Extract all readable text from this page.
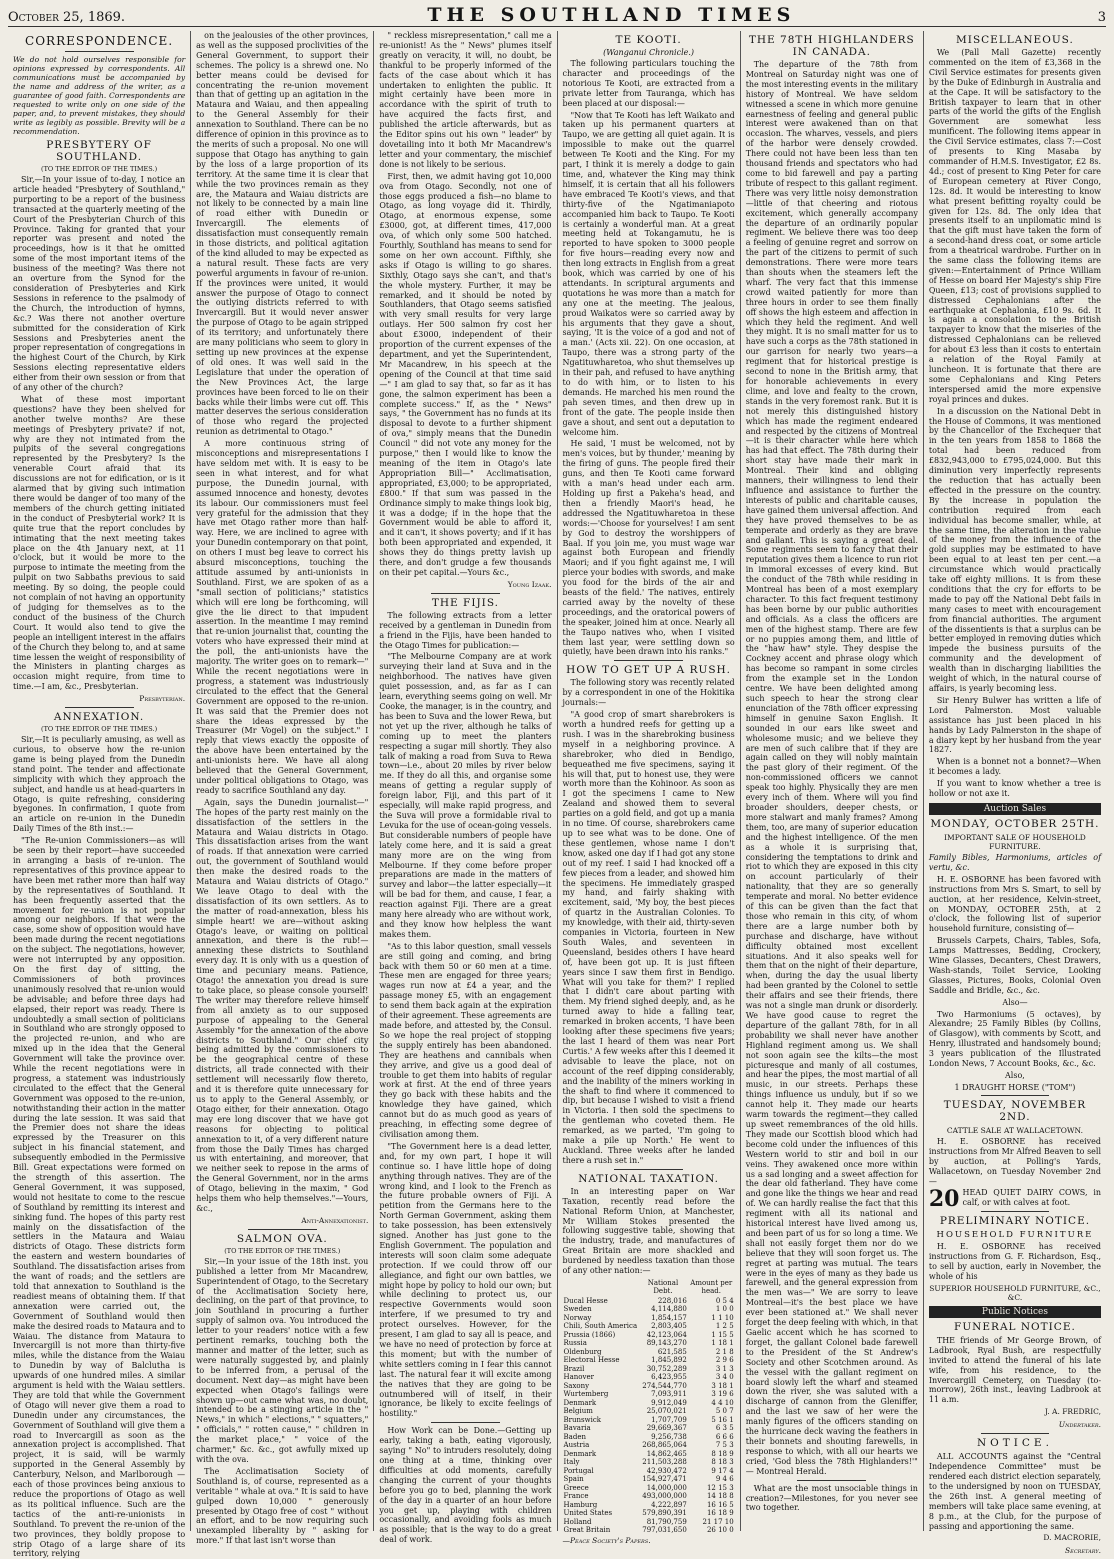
October 25, 1869.	THE SOUTHLAND TIMES	3
CORRESPONDENCE.
We do not hold ourselves responsible for opinions expressed by correspondents. All communications must be accompanied by the name and address of the writer, as a guarantee of good faith. Correspondents are requested to write only on one side of the paper, and, to prevent mistakes, they should write as legibly as possible. Brevity will be a recommendation.
PRESBYTERY OF SOUTHLAND.
(TO THE EDITOR OF THE TIMES.)

Sir,—In your issue of to-day, I notice an article headed "Presbytery of Southland," purporting to be a report of the business transacted at the quarterly meeting of the Court of the Presbyterian Church of this Province. Taking for granted that your reporter was present and noted the proceedings, how is it that he omitted some of the most important items of the business of the meeting? Was there not an overture from the Synod for the consideration of Presbyteries and Kirk Sessions in reference to the psalmody of the Church, the introduction of hymns, &c.? Was there not another overture submitted for the consideration of Kirk Sessions and Presbyteries anent the proper representation of congregations in the highest Court of the Church, by Kirk Sessions electing representative elders either from their own session or from that of any other of the church?

What of these most important questions? have they been shelved for another twelve months? Are these meetings of Presbytery private? if not, why are they not intimated from the pulpits of the several congregations represented by the Presbytery? Is the venerable Court afraid that its discussions are not for edification, or is it alarmed that by giving such intimation there would be danger of too many of the members of the church getting initiated in the conduct of Presbyterial work? It is quite true that the report concludes by intimating that the next meeting takes place on the 4th January next, at 11 o'clock, but it would be more to the purpose to intimate the meeting from the pulpit on two Sabbaths previous to said meeting. By so doing, the people could not complain of not having an opportunity of judging for themselves as to the conduct of the business of the Church Court. It would also tend to give the people an intelligent interest in the affairs of the Church they belong to, and at same time lessen the weight of responsibility of the Ministers in planting charges as occasion might require, from time to time.—I am, &c., Presbyterian.

Presbyterian.
ANNEXATION.
(TO THE EDITOR OF THE TIMES.)

Sir,—It is peculiarly amusing, as well as curious, to observe how the re-union game is being played from the Dunedin stand point. The tender and affectionate simplicity with which they approach the subject, and handle us at head-quarters in Otago, is quite refreshing, considering byegones. In confirmation, I quote from an article on re-union in the Dunedin Daily Times of the 8th inst.:—

"The Re-union Commissioners—as will be seen by their report—have succeeded in arranging a basis of re-union. The representatives of this province appear to have been met rather more than half way by the representatives of Southland. It has been frequently asserted that the movement for re-union is not popular among our neighbors. If that were the case, some show of opposition would have been made during the recent negotiations on the subject. The negotiations, however, were not interrupted by any opposition. On the first day of sitting, the Commissioners of both provinces unanimously resolved that re-union would be advisable; and before three days had elapsed, their report was ready. There is undoubtedly a small section of politicians in Southland who are strongly opposed to the projected re-union, and who are mixed up in the idea that the General Government will take the province over. While the recent negotiations were in progress, a statement was industriously circulated to the effect that the General Government was opposed to the re-union, notwithstanding their action in the matter during the late session. It was said that the Premier does not share the ideas expressed by the Treasurer on this subject in his financial statement, and subsequently embodied in the Permissive Bill. Great expectations were formed on the strength of this assertion. The General Government, it was supposed, would not hesitate to come to the rescue of Southland by remitting its interest and sinking fund. The hopes of this party rest mainly on the dissatisfaction of the settlers in the Mataura and Waiau districts of Otago. These districts form the eastern and western boundaries of Southland. The dissatisfaction arises from the want of roads; and the settlers are told that annexation to Southland is the readiest means of obtaining them. If that annexation were carried out, the Government of Southland would then make the desired roads to Mataura and to Waiau. The distance from Mataura to Invercargill is not more than thirty-five miles, while the distance from the Waiau to Dunedin by way of Balclutha is upwards of one hundred miles. A similar argument is held with the Waiau settlers. They are told that while the Government of Otago will never give them a road to Dunedin under any circumstances, the Government of Southland will give them a road to Invercargill as soon as the annexation project is accomplished. That project, it is said, will be warmly supported in the General Assembly by Canterbury, Nelson, and Marlborough — each of those provinces being anxious to reduce the proportions of Otago as well as its political influence. Such are the tactics of the anti-re-unionists in Southland. To prevent the re-union of the two provinces, they boldly propose to strip Otago of a large share of its territory, relying

on the jealousies of the other provinces, as well as the supposed proclivities of the General Government, to support their schemes. The policy is a shrewd one. No better means could be devised for concentrating the re-union movement than that of getting up an agitation in the Mataura and Waiau, and then appealing to the General Assembly for their annexation to Southland. There can be no difference of opinion in this province as to the merits of such a proposal. No one will suppose that Otago has anything to gain by the loss of a large proportion of its territory. At the same time it is clear that while the two provinces remain as they are, the Mataura and Waiau districts are not likely to be connected by a main line of road either with Dunedin or Invercargill. The elements of dissatisfaction must consequently remain in those districts, and political agitation of the kind alluded to may be expected as a natural result. These facts are very powerful arguments in favour of re-union. If the provinces were united, it would answer the purpose of Otago to connect the outlying districts referred to with Invercargill. But it would never answer the purpose of Otago to be again stripped of its territory; and unfortunately there are many politicians who seem to glory in setting up new provinces at the expense of old ones. It was well said in the Legislature that under the operation of the New Provinces Act, the large provinces have been forced to lie on their backs while their limbs were cut off. This matter deserves the serious consideration of those who regard the projected reunion as detrimental to Otago."

A more continuous string of misconceptions and misrepresentations I have seldom met with. It is easy to be seen in what interest, and for what purpose, the Dunedin journal, with assumed innocence and honesty, devotes its labour. Our commissioners must feel very grateful for the admission that they have met Otago rather more than half-way. Here, we are inclined to agree with your Dunedin contemporary on that point, on others I must beg leave to correct his absurd misconceptions, touching the attitude assumed by anti-unionists in Southland. First, we are spoken of as a "small section of politicians;" statistics which will ere long be forthcoming, will give the lie direct to that impudent assertion. In the meantime I may remind that re-union journalist that, counting the voters who have expressed their mind at the poll, the anti-unionists have the majority. The writer goes on to remark—" While the recent negotiations were in progress, a statement was industriously circulated to the effect that the General Government are opposed to the re-union. It was said that the Premier does not share the ideas expressed by the Treasurer (Mr Vogel) on the subject." I reply that views exactly the opposite of the above have been entertained by the anti-unionists here. We have all along believed that the General Government, under political obligations to Otago, was ready to sacrifice Southland any day.

Again, says the Dunedin journalist—" The hopes of the party rest mainly on the dissatisfaction of the settlers in the Mataura and Waiau districts in Otago. This dissatisfaction arises from the want of roads. If that annexation were carried out, the government of Southland would then make the desired roads to the Mataura and Waiau districts of Otago." We leave Otago to deal with the dissatisfaction of its own settlers. As to the matter of road-annexation, bless his simple heart! we are—without asking Otago's leave, or waiting on political annexation, and there is the rub!—annexing these districts to Southland every day. It is only with us a question of time and pecuniary means. Patience, Otago! the annexation you dread is sure to take place, so please console yourself! The writer may therefore relieve himself from all anxiety as to our supposed purpose of appealing to the General Assembly "for the annexation of the above districts to Southland." Our chief city being admitted by the commissioners to be the geographical centre of these districts, all trade connected with their settlement will necessarily flow thereto, and it is therefore quite unnecessary for us to apply to the General Assembly, or Otago either, for their annexation. Otago may ere long discover that we have got reasons for objecting to political annexation to it, of a very different nature from those the Daily Times has charged us with entertaining, and moreover, that we neither seek to repose in the arms of the General Government, nor in the arms of Otago, believing in the maxim, " God helps them who help themselves."—Yours, &c.,

Anti-Annexationist.
SALMON OVA.
(TO THE EDITOR OF THE TIMES.)

Sir,—In your issue of the 18th inst. you published a letter from Mr Macandrew, Superintendent of Otago, to the Secretary of the Acclimatisation Society here, declining, on the part of that province, to join Southland in procuring a further supply of salmon ova. You introduced the letter to your readers' notice with a few pertinent remarks, touching both the manner and matter of the letter, such as were naturally suggested by, and plainly to be inferred from, a perusal of the document. Next day—as might have been expected when Otago's failings were shown up—out came what was, no doubt, intended to be a stinging article in the " News," in which " elections," " squatters," " officials," " rotten cause," " children in the market place," " voice of the charmer," &c. &c., got awfully mixed up with the ova.

The Acclimatisation Society of Southland is, of course, represented as a veritable " whale at ova." It is said to have gulped down 10,000 " generously presented by Otago free of cost " without an effort, and to be now requiring such unexampled liberality by " asking for more." If that last isn't worse than

" reckless misrepresentation," call me a re-unionist! As the " News" plumes itself greatly on veracity, it will, no doubt, be thankful to be properly informed of the facts of the case about which it has undertaken to enlighten the public. It might certainly have been more in accordance with the spirit of truth to have acquired the facts first, and published the article afterwards, but as the Editor spins out his own " leader" by dovetailing into it both Mr Macandrew's letter and your commentary, the mischief done is not likely to be serious.

First, then, we admit having got 10,000 ova from Otago. Secondly, not one of those eggs produced a fish—no blame to Otago, as long voyage did it. Thirdly, Otago, at enormous expense, some £3000, got, at different times, 417,000 ova, of which only some 500 hatched. Fourthly, Southland has means to send for some on her own account. Fifthly, she asks if Otago is willing to go shares. Sixthly, Otago says she can't, and that's the whole mystery. Further, it may be remarked, and it should be noted by Southlanders, that Otago seems satisfied with very small results for very large outlays. Her 500 salmon fry cost her about £3000, independent of their proportion of the current expenses of the department, and yet the Superintendent, Mr Macandrew, in his speech at the opening of the Council at that time said—" I am glad to say that, so far as it has gone, the salmon experiment has been a complete success." If, as the " News" says, " the Government has no funds at its disposal to devote to a further shipment of ova," simply means that the Dunedin Council " did not vote any money for the purpose," then I would like to know the meaning of the item in Otago's late Appropriation Bill—" Acclimatisation, appropriated, £3,000; to be appropriated, £800." If that sum was passed in the Ordinance simply to make things look big, it was a dodge; if in the hope that the Government would be able to afford it, and it can't, it shows poverty; and if it has both been appropriated and expended, it shows they do things pretty lavish up there, and don't grudge a few thousands on their pet capital.—Yours &c.,

Young Izaak.
THE FIJIS.

The following extracts from a letter received by a gentleman in Dunedin from a friend in the Fijis, have been handed to the Otago Times for publication:—

"The Melbourne Company are at work surveying their land at Suva and in the neighborhood. The natives have given quiet possession, and, as far as I can learn, everything seems going on well. Mr Cooke, the manager, is in the country, and has been to Suva and the lower Rewa, but not yet up the river, although he talks of coming up to meet the planters respecting a sugar mill shortly. They also talk of making a road from Suva to Rewa town—i.e., about 20 miles by river below me. If they do all this, and organise some means of getting a regular supply of foreign labor, Fiji, and this part of it especially, will make rapid progress, and the Suva will prove a formidable rival to Levuka for the use of ocean-going vessels. But considerable numbers of people have lately come here, and it is said a great many more are on the wing from Melbourne. If they come before proper preparations are made in the matters of survey and labor—the latter especially—it will be bad for them, and cause, I fear, a reaction against Fiji. There are a great many here already who are without work, and they know how helpless the want makes them.

"As to this labor question, small vessels are still going and coming, and bring back with them 50 or 60 men at a time. These men are engaged for three years; wages run now at £4 a year, and the passage money £5, with an engagement to send them back again at the expiration of their agreement. These agreements are made before, and attested by, the Consul. So we hope the real project of stopping the supply entirely has been abandoned. They are heathens and cannibals when they arrive, and give us a good deal of trouble to get them into habits of regular work at first. At the end of three years they go back with these habits and the knowledge they have gained, which cannot but do as much good as years of preaching, in effecting some degree of civilisation among them.

"The Government here is a dead letter, and, for my own part, I hope it will continue so. I have little hope of doing anything through natives. They are of the wrong kind, and I look to the French as the future probable owners of Fiji. A petition from the Germans here to the North German Government, asking them to take possession, has been extensively signed. Another has just gone to the English Government. The population and interests will soon claim some adequate protection. If we could throw off our allegiance, and fight our own battles, we might hope by policy to hold our own; but while declining to protect us, our respective Governments would soon interfere, if we presumed to try and protect ourselves. However, for the present, I am glad to say all is peace, and we have no need of protection by force at this moment; but with the number of white settlers coming in I fear this cannot last. The natural fear it will excite among the natives that they are going to be outnumbered will of itself, in their ignorance, be likely to excite feelings of hostility."

How Work can be Done.—Getting up early, taking a bath, eating vigorously, saying " No" to intruders resolutely, doing one thing at a time, thinking over difficulties at odd moments, carefully changing the current of your thoughts before you go to bed, planning the work of the day in a quarter of an hour before you get up, playing with children occasionally, and avoiding fools as much as possible; that is the way to do a great deal of work.

TE KOOTI.
(Wanganui Chronicle.)

The following particulars touching the character and proceedings of the notorious Te Kooti, are extracted from a private letter from Tauranga, which has been placed at our disposal:—

"Now that Te Kooti has left Waikato and taken up his permanent quarters at Taupo, we are getting all quiet again. It is impossible to make out the quarrel between Te Kooti and the King. For my part, I think it is merely a dodge to gain time, and, whatever the King may think himself, it is certain that all his followers have embraced Te Kooti's views, and that thirty-five of the Ngatimaniapoto accompanied him back to Taupo. Te Kooti is certainly a wonderful man. At a great meeting held at Tokangamutu, he is reported to have spoken to 3000 people for five hours—reading every now and then long extracts in English from a great book, which was carried by one of his attendants. In scriptural arguments and quotations he was more than a match for any one at the meeting. The jealous, proud Waikatos were so carried away by his arguments that they gave a shout, saying, 'It is the voice of a god and not of a man.' (Acts xii. 22). On one occasion, at Taupo, there was a strong party of the Ngatituwharetoa, who shut themselves up in their pah, and refused to have anything to do with him, or to listen to his demands. He marched his men round the pah seven times, and then drew up in front of the gate. The people inside then gave a shout, and sent out a deputation to welcome him.

He said, 'I must be welcomed, not by men's voices, but by thunder,' meaning by the firing of guns. The people fired their guns, and then Te Kooti came forward with a man's head under each arm. Holding up first a Pakeha's head, and then a friendly Maori's head, he addressed the Ngatituwharetoa in these words:—'Choose for yourselves! I am sent by God to destroy the worshippers of Baal. If you join me, you must wage war against both European and friendly Maori; and if you fight against me, I will pierce your bodies with swords, and make you food for the birds of the air and beasts of the field.' The natives, entirely carried away by the novelty of these proceedings, and the oratorical powers of the speaker, joined him at once. Nearly all the Taupo natives who, when I visited them last year, were settling down so quietly, have been drawn into his ranks."

HOW TO GET UP A RUSH.

The following story was recently related by a correspondent in one of the Hokitika journals:—

"A good crop of smart sharebrokers is worth a hundred reefs for getting up a rush. I was in the sharebroking business myself in a neighboring province. A sharebroker, who died in Bendigo, bequeathed me five specimens, saying it his will that, put to honest use, they were worth more than the Kohinoor. As soon as I got the specimens I came to New Zealand and showed them to several parties on a gold field, and got up a mania in no time. Of course, sharebrokers came up to see what was to be done. One of these gentlemen, whose name I don't know, asked one day if I had got any stone out of my reef. I said I had knocked off a few pieces from a leader, and showed him the specimens. He immediately grasped my hand, and fairly shaking with excitement, said, 'My boy, the best pieces of quartz in the Australian Colonies. To my knowledge, with their aid, thirty-seven companies in Victoria, fourteen in New South Wales, and seventeen in Queensland, besides others I have heard of, have been got up. It is just fifteen years since I saw them first in Bendigo. What will you take for them?' I replied that I didn't care about parting with them. My friend sighed deeply, and, as he turned away to hide a falling tear, remarked in broken accents, 'I have been looking after these specimens five years; the last I heard of them was near Port Curtis.' A few weeks after this I deemed it advisable to leave the place, not on account of the reef dipping considerably, and the inability of the miners working in the shaft to find where it commenced to dip, but because I wished to visit a friend in Victoria. I then sold the specimens to the gentleman who coveted them. He remarked, as we parted, 'I'm going to make a pile up North.' He went to Auckland. Three weeks after he landed there a rush set in."

NATIONAL TAXATION.

In an interesting paper on War Taxation, recently read before the National Reform Union, at Manchester, Mr William Stokes presented the following suggestive table, showing that the industry, trade, and manufactures of Great Britain are more shackled and burdened by needless taxation than those of any other nation:—

	National Debt.	Amount per head.
Ducal Hesse	228,016	0 5 4
Sweden	4,114,880	1 0 0
Norway	1,854,157	1 1 10
Chili, South America	2,803,405	1 2 5
Prussia (1866)	42,123,064	1 15 5
Russia	89,143,270	1 18 1
Oldenburg	621,585	2 1 8
Electoral Hesse	1,845,892	2 9 6
Brazil	30,752,289	3 1 3
Hanover	6,423,955	3 4 0
Saxony	274,544,770	3 18 1
Wurtemberg	7,093,911	3 19 6
Denmark	9,912,049	4 4 10
Belgium	25,070,021	5 0 7
Brunswick	1,707,709	5 16 1
Bavaria	29,669,367	6 3 5
Baden	9,256,738	6 6 6
Austria	268,865,064	7 5 3
Denmark	14,862,465	8 18 9
Italy	211,503,288	8 18 3
Portugal	42,930,472	9 17 4
Spain	154,927,471	9 4 6
Greece	14,000,000	12 15 3
France	493,000,000	14 18 8
Hamburg	4,222,897	16 16 5
United States	579,890,391	16 18 9
Holland	81,790,759	21 17 10
Great Britain	797,031,650	26 10 0
—Peace Society's Papers.
THE 78TH HIGHLANDERS IN CANADA.

The departure of the 78th from Montreal on Saturday night was one of the most interesting events in the military history of Montreal. We have seldom witnessed a scene in which more genuine earnestness of feeling and general public interest were awakened than on that occasion. The wharves, vessels, and piers of the harbor were densely crowded. There could not have been less than ten thousand friends and spectators who had come to bid farewell and pay a parting tribute of respect to this gallant regiment. There was very little noisy demonstration—little of that cheering and riotous excitement, which generally accompany the departure of an ordinarily popular regiment. We believe there was too deep a feeling of genuine regret and sorrow on the part of the citizens to permit of such demonstrations. There were more tears than shouts when the steamers left the wharf. The very fact that this immense crowd waited patiently for more than three hours in order to see them finally off shows the high esteem and affection in which they held the regiment. And well they might. It is no small matter for us to have such a corps as the 78th stationed in our garrison for nearly two years—a regiment that for historical prestige is second to none in the British army, that for honorable achievements in every clime, and love and fealty to the crown, stands in the very foremost rank. But it is not merely this distinguished history which has made the regiment endeared and respected by the citizens of Montreal—it is their character while here which has had that effect. The 78th during their short stay have made their mark in Montreal. Their kind and obliging manners, their willingness to lend their influence and assistance to further the interests of public and charitable causes, have gained them universal affection. And they have proved themselves to be as temperate and orderly as they are brave and gallant. This is saying a great deal. Some regiments seem to fancy that their reputation gives them a licence to run riot in immoral excesses of every kind. But the conduct of the 78th while residing in Montreal has been of a most exemplary character. To this fact frequent testimony has been borne by our public authorities and officials. As a class the officers are men of the highest stamp. There are few or no puppies among them, and little of the "haw haw" style. They despise the Cockney accent and phrase ology which has become so rampant in some circles from the example set in the London centre. We have been delighted among such speech to hear the strong clear enunciation of the 78th officer expressing himself in genuine Saxon English. It sounded in our ears like sweet and wholesome music; and we believe they are men of such calibre that if they are again called on they will nobly maintain the past glory of their regiment. Of the non-commissioned officers we cannot speak too highly. Physically they are men every inch of them. Where will you find broader shoulders, deeper chests, or more stalwart and manly frames? Among them, too, are many of superior education and the highest intelligence. Of the men as a whole it is surprising that, considering the temptations to drink and riot to which they are exposed in this city on account particularly of their nationality, that they are so generally temperate and moral. No better evidence of this can be given than the fact that those who remain in this city, of whom there are a large number both by purchase and discharge, have without difficulty obtained most excellent situations. And it also speaks well for them that on the night of their departure, when, during the day the usual liberty had been granted by the Colonel to settle their affairs and see their friends, there was not a single man drunk or disorderly. We have good cause to regret the departure of the gallant 78th, for in all probability we shall never have another Highland regiment among us. We shall not soon again see the kilts—the most picturesque and manly of all costumes, and hear the pipes, the most martial of all music, in our streets. Perhaps these things influence us unduly, but if so we cannot help it. They made our hearts warm towards the regiment—they called up sweet remembrances of the old hills. They made our Scottish blood which had become cold under the influences of this Western world to stir and boil in our veins. They awakened once more within us a sad longing and a sweet affection for the dear old fatherland. They have come and gone like the things we hear and read of. We can hardly realise the fact that this regiment with all its national and historical interest have lived among us, and been part of us for so long a time. We shall not easily forget them nor do we believe that they will soon forget us. The regret at parting was mutual. The tears were in the eyes of many as they bade us farewell, and the general expression from the men was—" We are sorry to leave Montreal—it's the best place we have ever been stationed at." We shall never forget the deep feeling with which, in that Gaelic accent which he has scorned to forget, the gallant Colonel bade farewell to the President of the St Andrew's Society and other Scotchmen around. As the vessel with the gallant regiment on board slowly left the wharf and steamed down the river, she was saluted with a discharge of cannon from the Gleniffer, and the last we saw of her were the manly figures of the officers standing on the hurricane deck waving the feathers in their bonnets and shouting farewells, in response to which, with all our hearts we cried, 'God bless the 78th Highlanders!'" — Montreal Herald.

What are the most unsociable things in creation?—Milestones, for you never see two together.

MISCELLANEOUS.

We (Pall Mall Gazette) recently commented on the item of £3,368 in the Civil Service estimates for presents given by the Duke of Edinburgh in Australia and at the Cape. It will be satisfactory to the British taxpayer to learn that in other parts of the world the gifts of the English Government are somewhat less munificent. The following items appear in the Civil Service estimates, class 7:—Cost of presents to King Masaba by commander of H.M.S. Investigator, £2 8s. 4d.; cost of present to King Peter for care of European cemetery at River Congo, 12s. 8d. It would be interesting to know what present befitting royalty could be given for 12s. 8d. The only idea that presents itself to an unpilomatic mind is that the gift must have taken the form of a second-hand dress coat, or some article from a theatrical wardrobe. Further on in the same class the following items are given:—Entertainment of Prince William of Hesse on board Her Majesty's ship Fire Queen, £13; cost of provisions supplied to distressed Cephalonians after the earthquake at Cephalonia, £10 9s. 6d. It is again a consolation to the British taxpayer to know that the miseries of the distressed Cephalonians can be relieved for about £3 less than it costs to entertain a relation of the Royal Family at luncheon. It is fortunate that there are some Cephalonians and King Peters interspersed amid the more expensive royal princes and dukes.

In a discussion on the National Debt in the House of Commons, it was mentioned by the Chancellor of the Exchequer that in the ten years from 1858 to 1868 the total had been reduced from £832,943,000 to £795,024,000. But this diminution very imperfectly represents the reduction that has actually been effected in the pressure on the country. By the increase in population the contribution required from each individual has become smaller, while, at the same time, the alteration in the value of the money from the influence of the gold supplies may be estimated to have been equal to at least ten per cent.—a circumstance which would practically take off eighty millions. It is from these conditions that the cry for efforts to be made to pay off the National Debt fails in many cases to meet with encouragement from financial authorities. The argument of the dissentients is that a surplus can be better employed in removing duties which impede the business pursuits of the community and the development of wealth than in discharging liabilities the weight of which, in the natural course of affairs, is yearly becoming less.

Sir Henry Bulwer has written a life of Lord Palmerston. Most valuable assistance has just been placed in his hands by Lady Palmerston in the shape of a diary kept by her husband from the year 1827.

When is a bonnet not a bonnet?—When it becomes a lady.

If you want to know whether a tree is hollow or not axe it.

Auction Sales
MONDAY, OCTOBER 25TH.
IMPORTANT SALE OF HOUSEHOLD FURNITURE.

Family Bibles, Harmoniums, articles of vertu, &c.

H. E. OSBORNE has been favored with instructions from Mrs S. Smart, to sell by auction, at her residence, Kelvin-street, on MONDAY, OCTOBER 25th, at 2 o'clock, the following list of superior household furniture, consisting of—

Brussels Carpets, Chairs, Tables, Sofa, Lamps Mattresses, Bedding, Crockery, Wine Glasses, Decanters, Chest Drawers, Wash-stands, Toilet Service, Looking Glasses, Pictures, Books, Colonial Oven Saddle and Bridle, &c., &c.

Also—

Two Harmoniums (5 octaves), by Alexandre; 25 Family Bibles (by Collins, of Glasgow), with comments by Scott, and Henry, illustrated and handsomely bound; 3 years publication of the Illustrated London News, 7 Account Books, &c., &c.

Also,

1 DRAUGHT HORSE ("TOM")
TUESDAY, NOVEMBER 2ND.
CATTLE SALE AT WALLACETOWN.

H. E. OSBORNE has received instructions from Mr Alfred Beaven to sell by auction, at Polling's Yards, Wallacetown, on Tuesday November 2nd—

20 HEAD QUIET DAIRY COWS, in calf, or with calves at foot.

PRELIMINARY NOTICE.
HOUSEHOLD FURNITURE

H. E. OSBORNE has received instructions from G. F. Richardson, Esq., to sell by auction, early in November, the whole of his

SUPERIOR HOUSEHOLD FURNITURE, &C., &C.
Public Notices
FUNERAL NOTICE.

THE friends of Mr George Brown, of Ladbrook, Ryal Bush, are respectfully invited to attend the funeral of his late wife, from his residence, to the Invercargill Cemetery, on Tuesday (to-morrow), 26th inst., leaving Ladbrook at 11 a.m.

J. A. FREDRIC,
Undertaker.
NOTICE.

ALL ACCOUNTS against the "Central Independence Committee" must be rendered each district election separately, to the undersigned by noon on TUESDAY, the 26th inst. A general meeting of members will take place same evening, at 8 p.m., at the Club, for the purpose of passing and apportioning the same.

D. MACRORIE,
Secretary.
